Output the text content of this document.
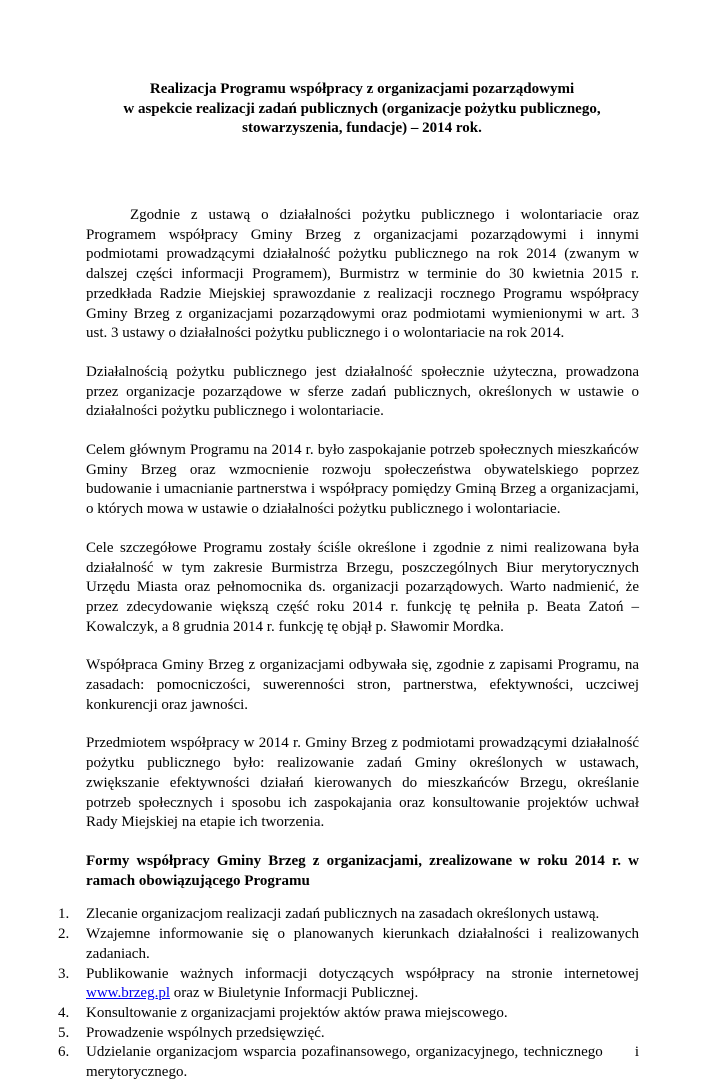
Realizacja Programu współpracy z organizacjami pozarządowymi
w aspekcie realizacji zadań publicznych (organizacje pożytku publicznego,
stowarzyszenia, fundacje) – 2014 rok.

Zgodnie z ustawą o działalności pożytku publicznego i wolontariacie oraz Programem współpracy Gminy Brzeg z organizacjami pozarządowymi i innymi podmiotami prowadzącymi działalność pożytku publicznego na rok 2014 (zwanym w dalszej części informacji Programem), Burmistrz w terminie do 30 kwietnia 2015 r. przedkłada Radzie Miejskiej sprawozdanie z realizacji rocznego Programu współpracy Gminy Brzeg z organizacjami pozarządowymi oraz podmiotami wymienionymi w art. 3 ust. 3 ustawy o działalności pożytku publicznego i o wolontariacie na rok 2014.

Działalnością pożytku publicznego jest działalność społecznie użyteczna, prowadzona przez organizacje pozarządowe w sferze zadań publicznych, określonych w ustawie o działalności pożytku publicznego i wolontariacie.

Celem głównym Programu na 2014 r. było zaspokajanie potrzeb społecznych mieszkańców Gminy Brzeg oraz wzmocnienie rozwoju społeczeństwa obywatelskiego poprzez budowanie i umacnianie partnerstwa i współpracy pomiędzy Gminą Brzeg a organizacjami, o których mowa w ustawie o działalności pożytku publicznego i wolontariacie.

Cele szczegółowe Programu zostały ściśle określone i zgodnie z nimi realizowana była działalność w tym zakresie Burmistrza Brzegu, poszczególnych Biur merytorycznych Urzędu Miasta oraz pełnomocnika ds. organizacji pozarządowych. Warto nadmienić, że przez zdecydowanie większą część roku 2014 r. funkcję tę pełniła p. Beata Zatoń – Kowalczyk, a 8 grudnia 2014 r. funkcję tę objął p. Sławomir Mordka.

Współpraca Gminy Brzeg z organizacjami odbywała się, zgodnie z zapisami Programu, na zasadach: pomocniczości, suwerenności stron, partnerstwa, efektywności, uczciwej konkurencji oraz jawności.

Przedmiotem współpracy w 2014 r. Gminy Brzeg z podmiotami prowadzącymi działalność pożytku publicznego było: realizowanie zadań Gminy określonych w ustawach, zwiększanie efektywności działań kierowanych do mieszkańców Brzegu, określanie potrzeb społecznych i sposobu ich zaspokajania oraz konsultowanie projektów uchwał Rady Miejskiej na etapie ich tworzenia.

Formy współpracy Gminy Brzeg z organizacjami, zrealizowane w roku 2014 r. w ramach obowiązującego Programu

1.	Zlecanie organizacjom realizacji zadań publicznych na zasadach określonych ustawą.
2.	Wzajemne informowanie się o planowanych kierunkach działalności i realizowanych zadaniach.
3.	Publikowanie ważnych informacji dotyczących współpracy na stronie internetowej www.brzeg.pl oraz w Biuletynie Informacji Publicznej.
4.	Konsultowanie z organizacjami projektów aktów prawa miejscowego.
5.	Prowadzenie wspólnych przedsięwzięć.
6.	Udzielanie organizacjom wsparcia pozafinansowego, organizacyjnego, technicznego      i merytorycznego.
